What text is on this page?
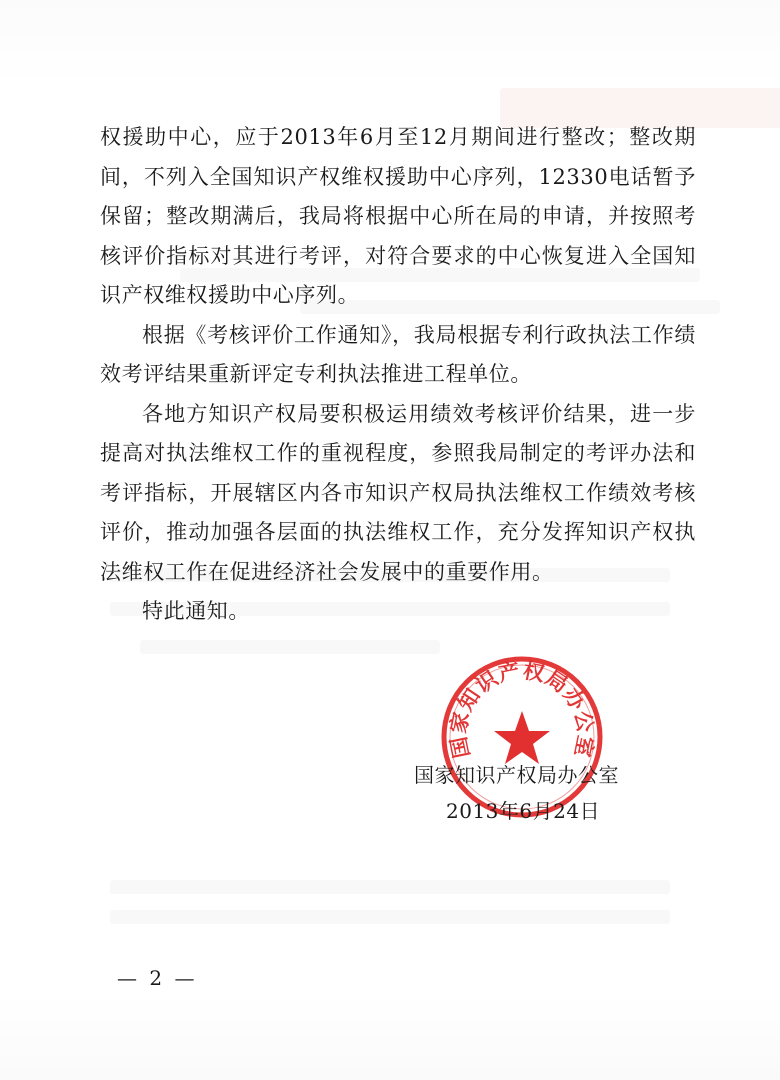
权援助中心，应于2013年6月至12月期间进行整改；整改期间，不列入全国知识产权维权援助中心序列，12330电话暂予保留；整改期满后，我局将根据中心所在局的申请，并按照考核评价指标对其进行考评，对符合要求的中心恢复进入全国知识产权维权援助中心序列。

根据《考核评价工作通知》，我局根据专利行政执法工作绩效考评结果重新评定专利执法推进工程单位。

各地方知识产权局要积极运用绩效考核评价结果，进一步提高对执法维权工作的重视程度，参照我局制定的考评办法和考评指标，开展辖区内各市知识产权局执法维权工作绩效考核评价，推动加强各层面的执法维权工作，充分发挥知识产权执法维权工作在促进经济社会发展中的重要作用。

特此通知。

国家知识产权局办公室
国家知识产权局办公室
2013年6月24日
— 2 —
